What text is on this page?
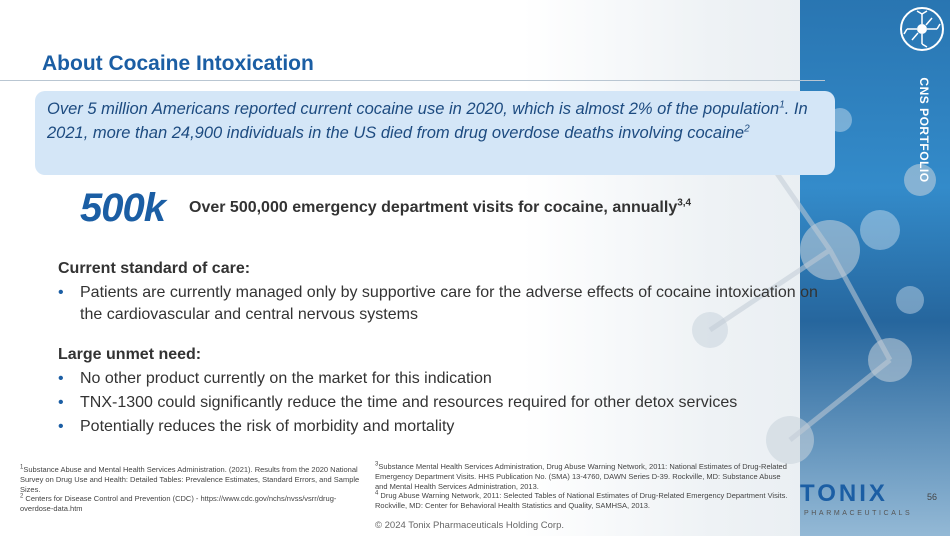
About Cocaine Intoxication

Over 5 million Americans reported current cocaine use in 2020, which is almost 2% of the population$^1$. In 2021, more than 24,900 individuals in the US died from drug overdose deaths involving cocaine$^2$

500k Over 500,000 emergency department visits for cocaine, annually$^{3,4}$

Current standard of care:
• Patients are currently managed only by supportive care for the adverse effects of cocaine intoxication on the cardiovascular and central nervous systems
Large unmet need:
• No other product currently on the market for this indication
• TNX-1300 could significantly reduce the time and resources required for other detox services
• Potentially reduces the risk of morbidity and mortality

$^1$Substance Abuse and Mental Health Services Administration. (2021). Results from the 2020 National Survey on Drug Use and Health: Detailed Tables: Prevalence Estimates, Standard Errors, and Sample Sizes.

$^2$ Centers for Disease Control and Prevention (CDC) - https://www.cdc.gov/nchs/nvss/vsrr/drug-overdose-data.htm

$^3$Substance Mental Health Services Administration, Drug Abuse Warning Network, 2011: National Estimates of Drug-Related Emergency Department Visits. HHS Publication No. (SMA) 13-4760, DAWN Series D-39. Rockville, MD: Substance Abuse and Mental Health Services Administration, 2013.

$^4$ Drug Abuse Warning Network, 2011: Selected Tables of National Estimates of Drug-Related Emergency Department Visits. Rockville, MD: Center for Behavioral Health Statistics and Quality, SAMHSA, 2013.

© 2024 Tonix Pharmaceuticals Holding Corp.

CNS PORTFOLIO

TONIX

PHARMACEUTICALS

56
